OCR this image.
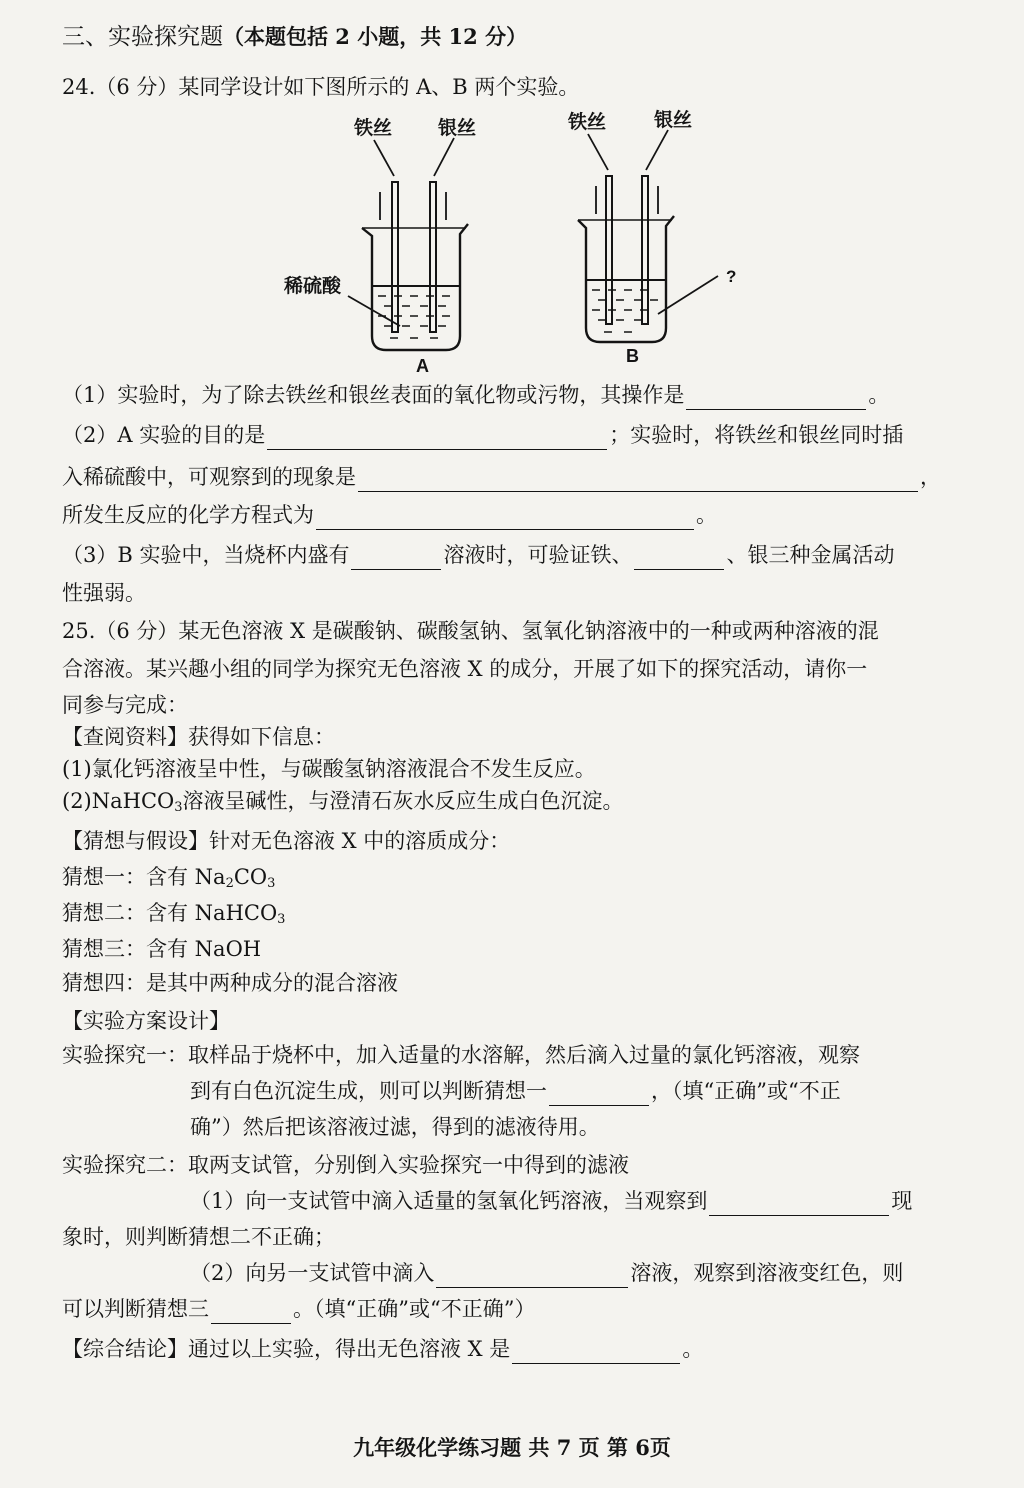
三、实验探究题（本题包括 2 小题，共 12 分）
24.（6 分）某同学设计如下图所示的 A、B 两个实验。
铁丝 银丝	铁丝	银丝
稀硫酸	?
A	B
（1）实验时，为了除去铁丝和银丝表面的氧化物或污物，其操作是	。
（2）A 实验的目的是	；实验时，将铁丝和银丝同时插
入稀硫酸中，可观察到的现象是	，
所发生反应的化学方程式为	。
（3）B 实验中，当烧杯内盛有	溶液时，可验证铁、	、银三种金属活动
性强弱。
25.（6 分）某无色溶液 X 是碳酸钠、碳酸氢钠、氢氧化钠溶液中的一种或两种溶液的混
合溶液。某兴趣小组的同学为探究无色溶液 X 的成分，开展了如下的探究活动，请你一
同参与完成：
【查阅资料】获得如下信息：
(1)氯化钙溶液呈中性，与碳酸氢钠溶液混合不发生反应。
(2)NaHCO$_3$溶液呈碱性，与澄清石灰水反应生成白色沉淀。
【猜想与假设】针对无色溶液 X 中的溶质成分：
猜想一：含有 $Na_2CO_3$
猜想二：含有 NaHCO$_3$
猜想三：含有 NaOH
猜想四：是其中两种成分的混合溶液
【实验方案设计】
实验探究一：取样品于烧杯中，加入适量的水溶解，然后滴入过量的氯化钙溶液，观察
到有白色沉淀生成，则可以判断猜想一	，（填“正确”或“不正
确”）然后把该溶液过滤，得到的滤液待用。
实验探究二：取两支试管，分别倒入实验探究一中得到的滤液
（1）向一支试管中滴入适量的氢氧化钙溶液，当观察到	现
象时，则判断猜想二不正确；
（2）向另一支试管中滴入	溶液，观察到溶液变红色，则
可以判断猜想三	。（填“正确”或“不正确”）
【综合结论】通过以上实验，得出无色溶液 X 是	。
九年级化学练习题 共 7 页 第 6页
